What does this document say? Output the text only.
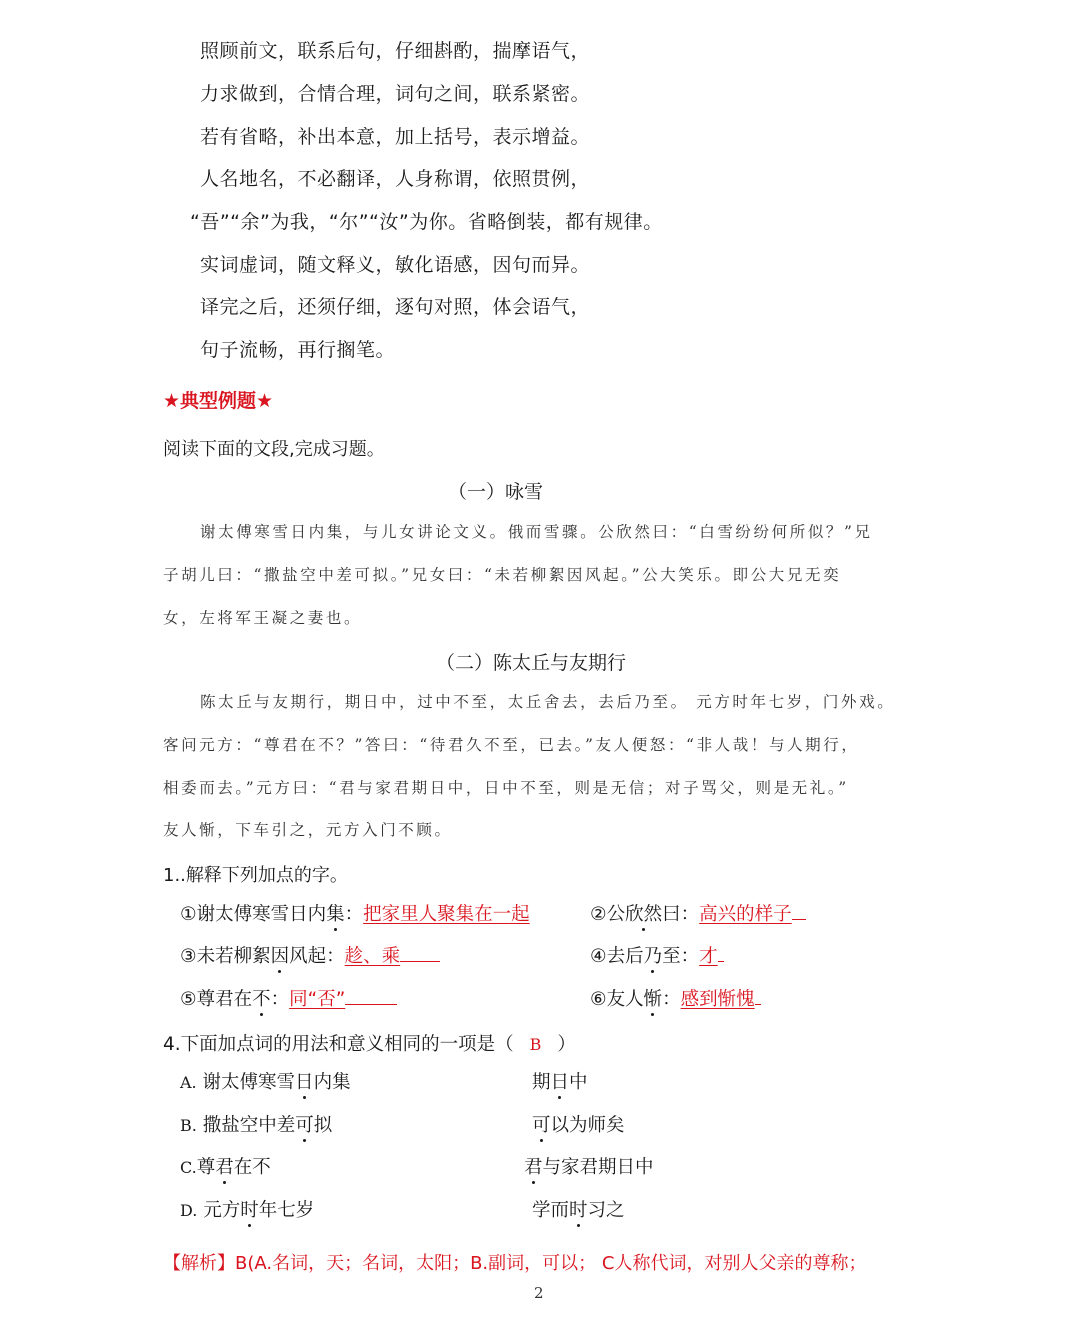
照顾前文，联系后句，仔细斟酌，揣摩语气，
力求做到，合情合理，词句之间，联系紧密。
若有省略，补出本意，加上括号，表示增益。
人名地名，不必翻译，人身称谓，依照贯例，
“吾”“余”为我，“尔”“汝”为你。省略倒装，都有规律。
实词虚词，随文释义，敏化语感，因句而异。
译完之后，还须仔细，逐句对照，体会语气，
句子流畅，再行搁笔。
★典型例题★
阅读下面的文段,完成习题。
（一）咏雪
谢太傅寒雪日内集，与儿女讲论文义。俄而雪骤。公欣然曰：“白雪纷纷何所似？”兄
子胡儿曰：“撒盐空中差可拟。”兄女曰：“未若柳絮因风起。”公大笑乐。即公大兄无奕
女，左将军王凝之妻也。
（二）陈太丘与友期行
陈太丘与友期行，期日中，过中不至，太丘舍去，去后乃至。 元方时年七岁，门外戏。
客问元方：“尊君在不？”答曰：“待君久不至，已去。”友人便怒：“非人哉！与人期行，
相委而去。”元方曰：“君与家君期日中，日中不至，则是无信；对子骂父，则是无礼。”
友人惭，下车引之，元方入门不顾。
1..解释下列加点的字。
①谢太傅寒雪日内集：把家里人聚集在一起	②公欣然曰：高兴的样子
③未若柳絮因风起：趁、乘	④去后乃至：才
⑤尊君在不：同“否”	⑥友人惭：感到惭愧
4.下面加点词的用法和意义相同的一项是（ B ）
A. 谢太傅寒雪日内集	期日中
B. 撒盐空中差可拟	可以为师矣
C.尊君在不	君与家君期日中
D. 元方时年七岁	学而时习之
【解析】B(A.名词，天；名词，太阳；B.副词，可以； C人称代词，对别人父亲的尊称；
2
